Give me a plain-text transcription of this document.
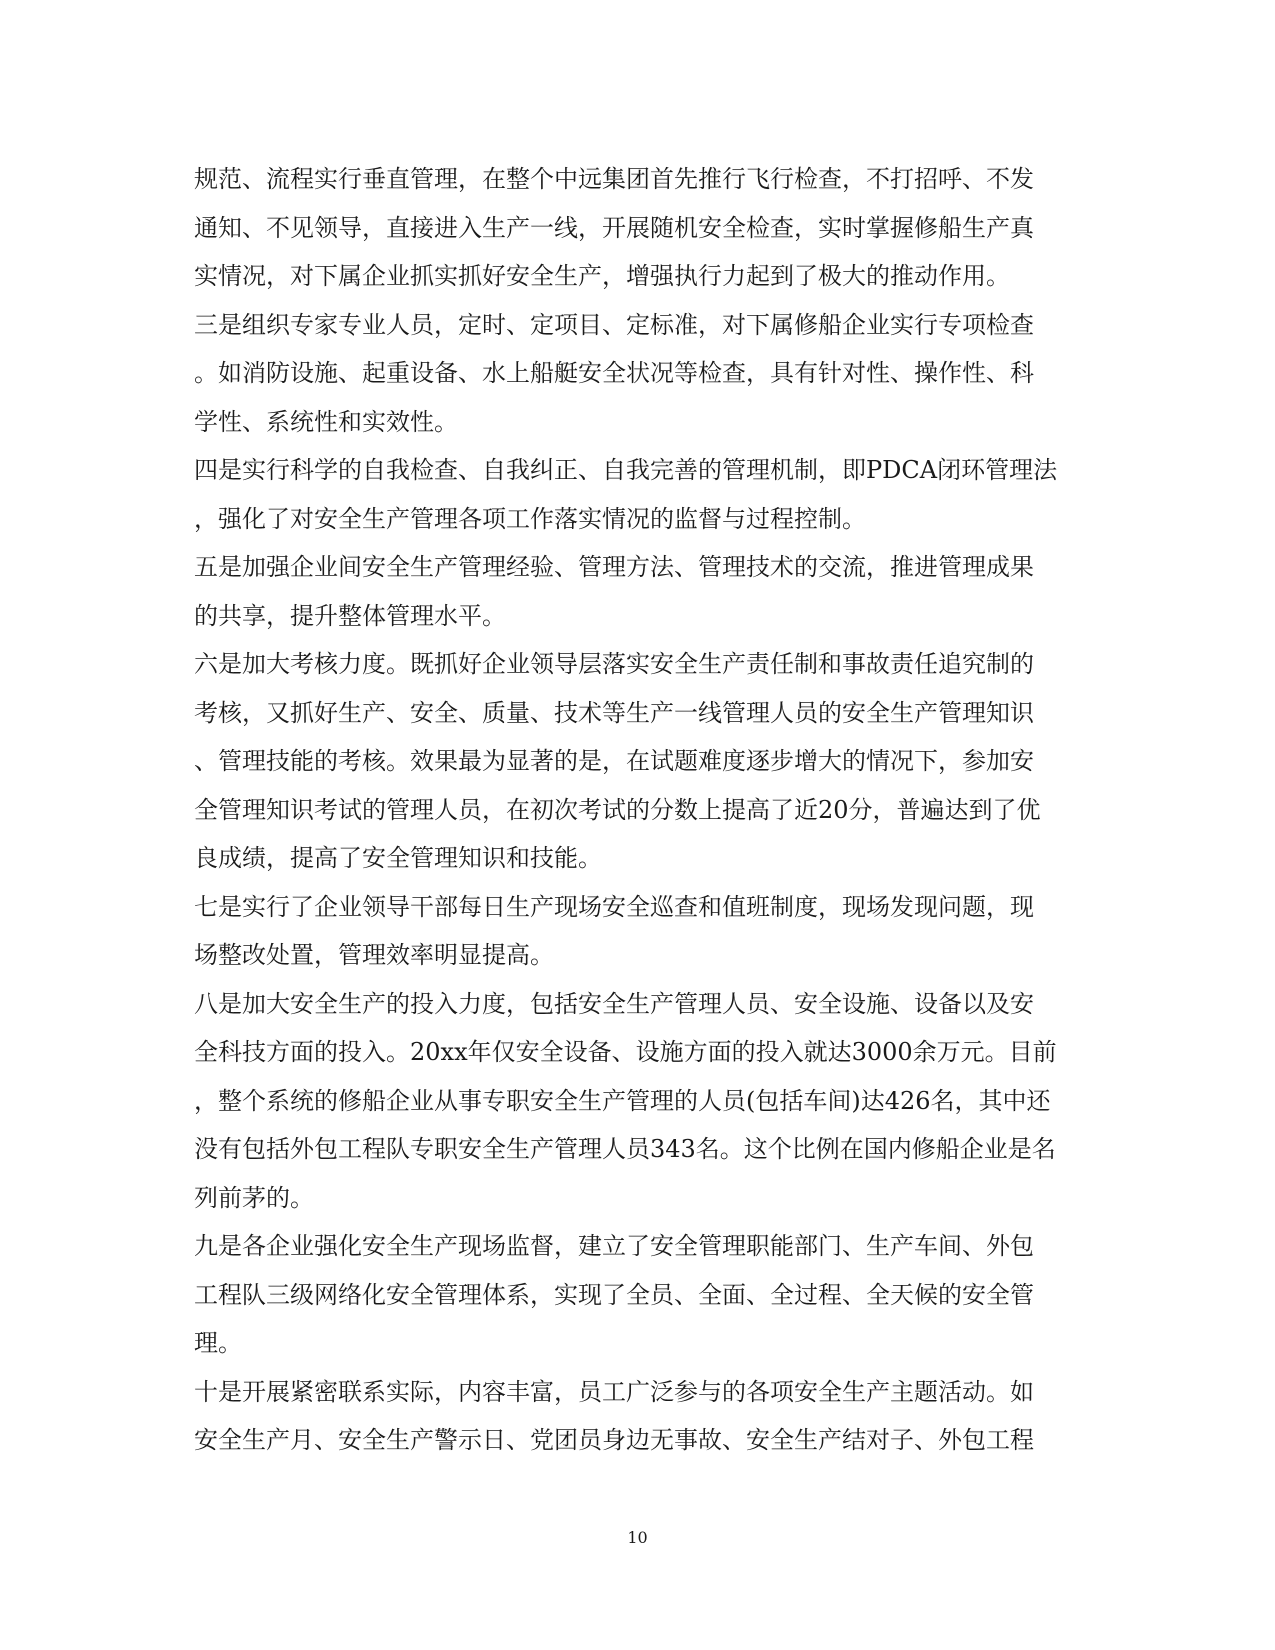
规范、流程实行垂直管理，在整个中远集团首先推行飞行检查，不打招呼、不发
通知、不见领导，直接进入生产一线，开展随机安全检查，实时掌握修船生产真
实情况，对下属企业抓实抓好安全生产，增强执行力起到了极大的推动作用。
三是组织专家专业人员，定时、定项目、定标准，对下属修船企业实行专项检查
。如消防设施、起重设备、水上船艇安全状况等检查，具有针对性、操作性、科
学性、系统性和实效性。
四是实行科学的自我检查、自我纠正、自我完善的管理机制，即PDCA闭环管理法
，强化了对安全生产管理各项工作落实情况的监督与过程控制。
五是加强企业间安全生产管理经验、管理方法、管理技术的交流，推进管理成果
的共享，提升整体管理水平。
六是加大考核力度。既抓好企业领导层落实安全生产责任制和事故责任追究制的
考核，又抓好生产、安全、质量、技术等生产一线管理人员的安全生产管理知识
、管理技能的考核。效果最为显著的是，在试题难度逐步增大的情况下，参加安
全管理知识考试的管理人员，在初次考试的分数上提高了近20分，普遍达到了优
良成绩，提高了安全管理知识和技能。
七是实行了企业领导干部每日生产现场安全巡查和值班制度，现场发现问题，现
场整改处置，管理效率明显提高。
八是加大安全生产的投入力度，包括安全生产管理人员、安全设施、设备以及安
全科技方面的投入。20xx年仅安全设备、设施方面的投入就达3000余万元。目前
，整个系统的修船企业从事专职安全生产管理的人员(包括车间)达426名，其中还
没有包括外包工程队专职安全生产管理人员343名。这个比例在国内修船企业是名
列前茅的。
九是各企业强化安全生产现场监督，建立了安全管理职能部门、生产车间、外包
工程队三级网络化安全管理体系，实现了全员、全面、全过程、全天候的安全管
理。
十是开展紧密联系实际，内容丰富，员工广泛参与的各项安全生产主题活动。如
安全生产月、安全生产警示日、党团员身边无事故、安全生产结对子、外包工程
10
